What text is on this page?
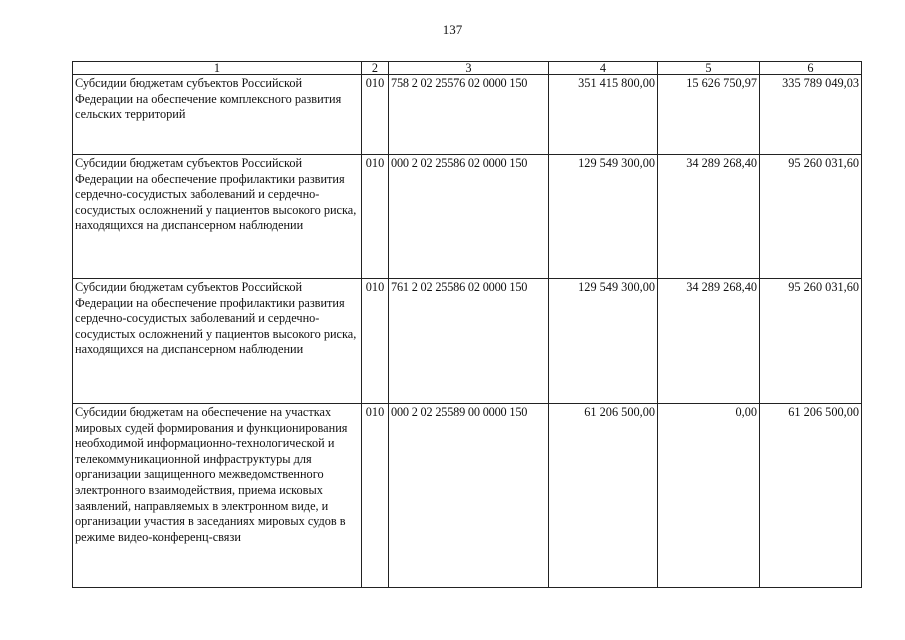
137
1	2	3	4	5	6
Субсидии бюджетам субъектов Российской Федерации на обеспечение комплексного развития сельских территорий	010	758 2 02 25576 02 0000 150	351 415 800,00	15 626 750,97	335 789 049,03
Субсидии бюджетам субъектов Российской Федерации на обеспечение профилактики развития сердечно-сосудистых заболеваний и сердечно-сосудистых осложнений у пациентов высокого риска, находящихся на диспансерном наблюдении	010	000 2 02 25586 02 0000 150	129 549 300,00	34 289 268,40	95 260 031,60
Субсидии бюджетам субъектов Российской Федерации на обеспечение профилактики развития сердечно-сосудистых заболеваний и сердечно-сосудистых осложнений у пациентов высокого риска, находящихся на диспансерном наблюдении	010	761 2 02 25586 02 0000 150	129 549 300,00	34 289 268,40	95 260 031,60
Субсидии бюджетам на обеспечение на участках мировых судей формирования и функционирования необходимой информационно-технологической и телекоммуникационной инфраструктуры для организации защищенного межведомственного электронного взаимодействия, приема исковых заявлений, направляемых в электронном виде, и организации участия в заседаниях мировых судов в режиме видео-конференц-связи	010	000 2 02 25589 00 0000 150	61 206 500,00	0,00	61 206 500,00
